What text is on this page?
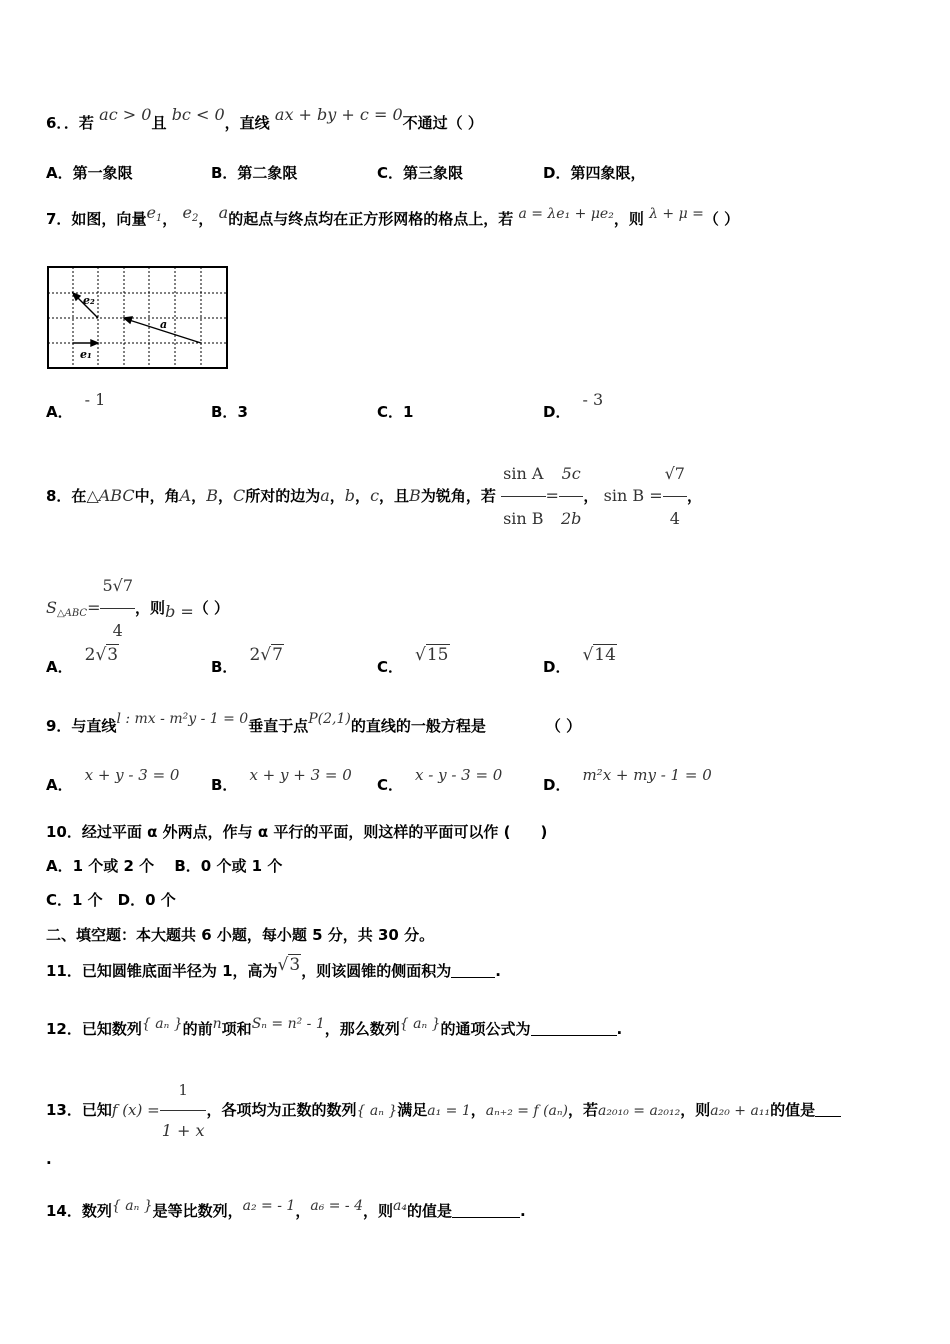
6．．若 ac > 0且 bc < 0，直线 ax + by + c = 0不通过（ ）
A．第一象限	B．第二象限	C．第三象限	D．第四象限，
7．如图，向量$e_1$， $e_2$， a的起点与终点均在正方形网格的格点上，若 a = λe₁ + μe₂，则 λ + μ =（ ）
e₂
a
e₁
A．- 1
B．3	C．1	D．- 3
8．在△ABC中，角A，B，C所对的边为a，b，c，且B为锐角，若 $\frac{\text{sin A}}{\text{sin B}} = \frac{5c}{2b}$ ， $\sin B = \frac{√7}{4}$ ，
$S_{\triangle ABC}= \frac{5√7}{4}$ ，则b =（ ）
A．2√3
B．2√7
C．√15
D．√14
9．与直线l : mx - m²y - 1 = 0垂直于点P(2,1)的直线的一般方程是	（ ）
A．x + y - 3 = 0
B．x + y + 3 = 0
C．x - y - 3 = 0
D．m²x + my - 1 = 0
10．经过平面 α 外两点，作与 α 平行的平面，则这样的平面可以作 (　　)
A．1 个或 2 个　 B．0 个或 1 个
C．1 个　D．0 个
二、填空题：本大题共 6 小题，每小题 5 分，共 30 分。
11．已知圆锥底面半径为 1，高为√3，则该圆锥的侧面积为	.
12．已知数列{ aₙ }的前n项和Sₙ = n² - 1，那么数列{ aₙ }的通项公式为	.
13．已知f $(x) = \frac{1}{1 + x}$ ，各项均为正数的数列{ aₙ }满足a₁ = 1，aₙ₊₂ = f (aₙ)，若a₂₀₁₀ = a₂₀₁₂，则a₂₀ + a₁₁的值是
.
14．数列{ aₙ }是等比数列，a₂ = - 1，a₆ = - 4，则a₄的值是	.
